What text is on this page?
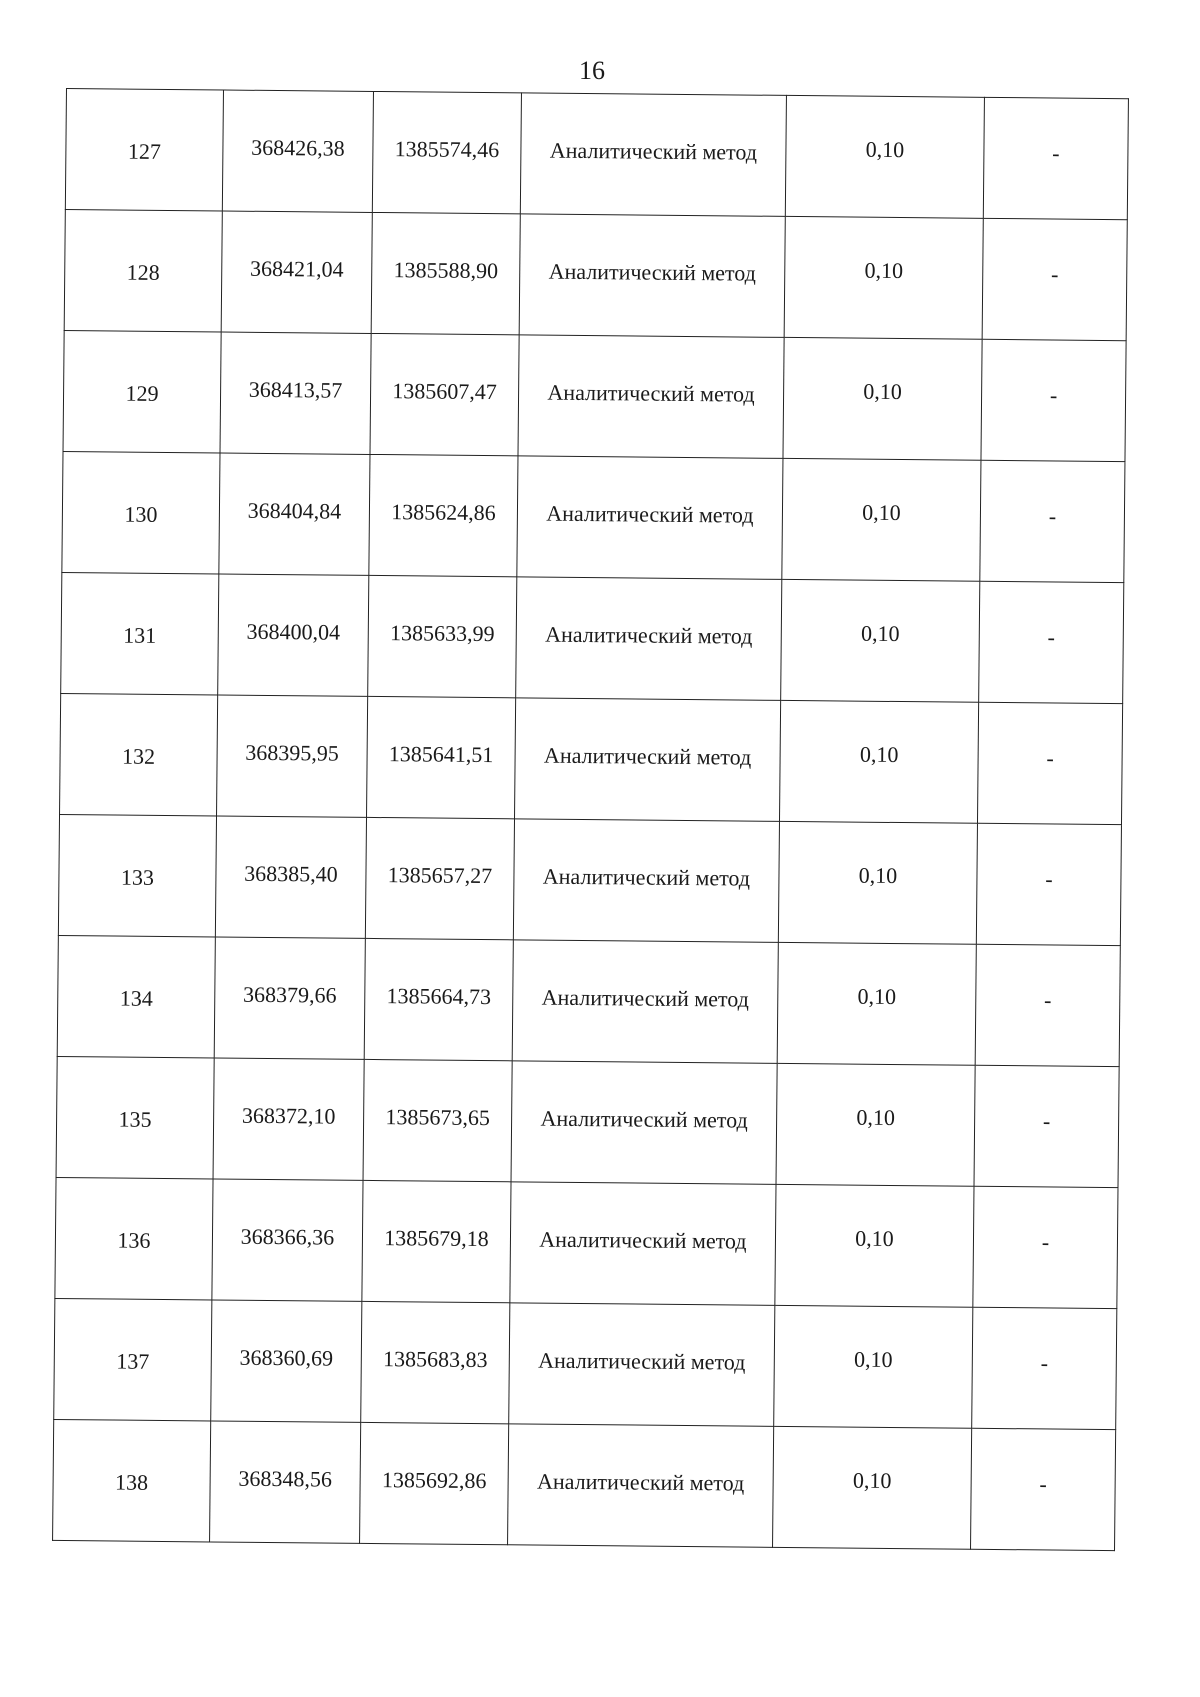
16
127	368426,38	1385574,46	Аналитический метод	0,10	-

128	368421,04	1385588,90	Аналитический метод	0,10	-

129	368413,57	1385607,47	Аналитический метод	0,10	-

130	368404,84	1385624,86	Аналитический метод	0,10	-

131	368400,04	1385633,99	Аналитический метод	0,10	-

132	368395,95	1385641,51	Аналитический метод	0,10	-

133	368385,40	1385657,27	Аналитический метод	0,10	-

134	368379,66	1385664,73	Аналитический метод	0,10	-

135	368372,10	1385673,65	Аналитический метод	0,10	-

136	368366,36	1385679,18	Аналитический метод	0,10	-

137	368360,69	1385683,83	Аналитический метод	0,10	-

138	368348,56	1385692,86	Аналитический метод	0,10	-
